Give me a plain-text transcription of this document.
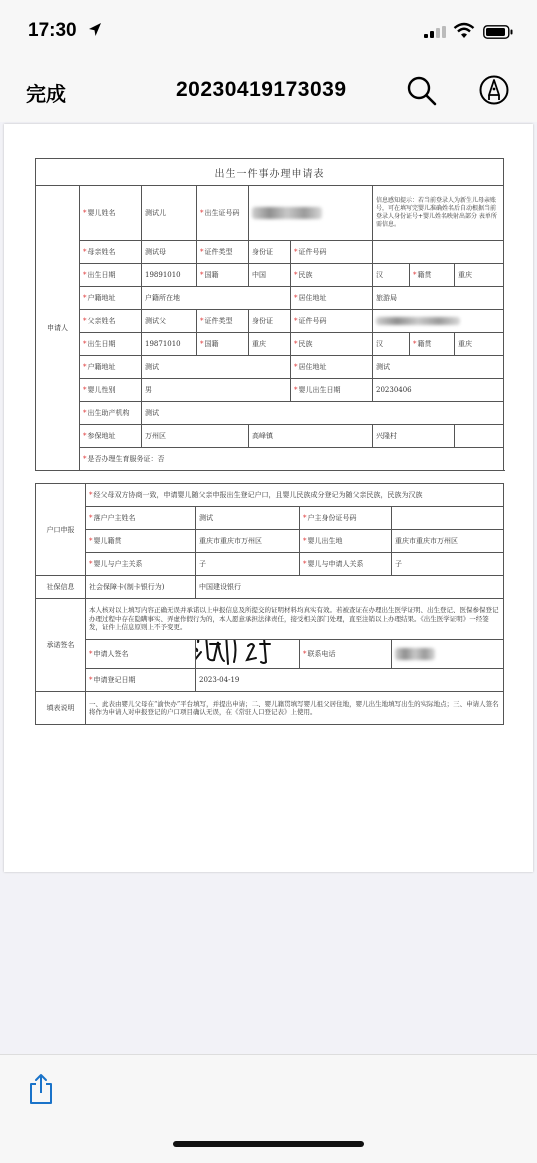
17:30
完成	20230419173039
出生一件事办理申请表								
申请人	*婴儿姓名	测试儿	*出生证号码			信息感知提示：若当前登录人为新生儿母亲账号，可在填写完婴儿准确姓名后自动根据当前登录人身份证号+婴儿姓名映射出部分 表单所需信息。		
	*母亲姓名	测试母	*证件类型	身份证	*证件号码			
	*出生日期	19891010	*国籍	中国	*民族	汉	*籍贯	重庆
	*户籍地址	户籍所在地			*居住地址	旅游局		
	*父亲姓名	测试父	*证件类型	身份证	*证件号码			
	*出生日期	19871010	*国籍	重庆	*民族	汉	*籍贯	重庆
	*户籍地址	测试			*居住地址	测试		
	*婴儿性别	男			*婴儿出生日期	20230406		
	*出生助产机构	测试						
	*参保地址	万州区		高峰镇		兴隆村		
	*是否办理生育服务证：否							
户口申报	*经父母双方协商一致，申请婴儿随父亲申报出生登记户口，且婴儿民族成分登记为随父亲民族，民族为汉族			
	*落户户主姓名	测试	*户主身份证号码	
	*婴儿籍贯	重庆市重庆市万州区	*婴儿出生地	重庆市重庆市万州区
	*婴儿与户主关系	子	*婴儿与申请人关系	子
社保信息	社会保障卡(制卡银行为)	中国建设银行		
承诺签名	本人核对以上填写内容正确无误并承诺以上申报信息及所提交的证明材料均真实有效。若被查证在办理出生医学证明、出生登记、医保参保登记办理过程中存在隐瞒事实、弄虚作假行为的，本人愿意承担法律责任，接受相关部门处理，直至注销以上办理结果。《出生医学证明》一经签发，证件上信息原则上不予变更。			
	*申请人签名		*联系电话	
	*申请登记日期	2023-04-19		
填表说明	一、此表由婴儿父母在“渝快办”平台填写，并提出申请；二、婴儿籍贯填写婴儿祖父居住地，婴儿出生地填写出生的实际地点；三、申请人签名将作为申请人对申报登记的户口项目确认无误，在《常驻人口登记表》上使用。			
